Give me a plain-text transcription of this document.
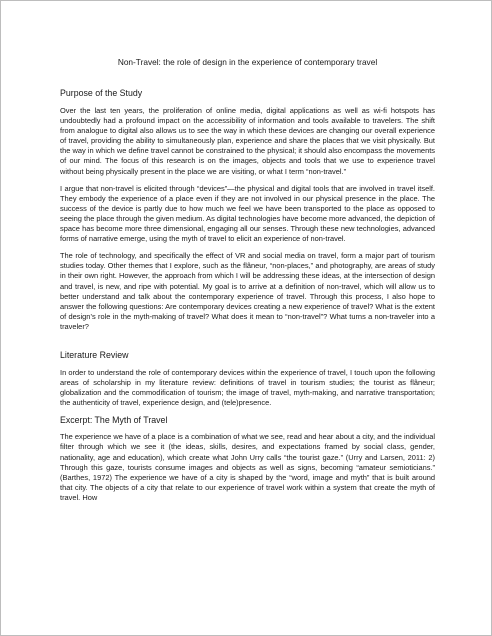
Non-Travel: the role of design in the experience of contemporary travel
Purpose of the Study
Over the last ten years, the proliferation of online media, digital applications as well as wi-fi hotspots has undoubtedly had a profound impact on the accessibility of information and tools available to travelers. The shift from analogue to digital also allows us to see the way in which these devices are changing our overall experience of travel, providing the ability to simultaneously plan, experience and share the places that we visit physically. But the way in which we define travel cannot be constrained to the physical; it should also encompass the movements of our mind. The focus of this research is on the images, objects and tools that we use to experience travel without being physically present in the place we are visiting, or what I term “non-travel.”
I argue that non-travel is elicited through “devices”—the physical and digital tools that are involved in travel itself. They embody the experience of a place even if they are not involved in our physical presence in the place. The success of the device is partly due to how much we feel we have been transported to the place as opposed to seeing the place through the given medium. As digital technologies have become more advanced, the depiction of space has become more three dimensional, engaging all our senses. Through these new technologies, advanced forms of narrative emerge, using the myth of travel to elicit an experience of non-travel.
The role of technology, and specifically the effect of VR and social media on travel, form a major part of tourism studies today. Other themes that I explore, such as the flâneur, “non-places,” and photography, are areas of study in their own right. However, the approach from which I will be addressing these ideas, at the intersection of design and travel, is new, and ripe with potential. My goal is to arrive at a definition of non-travel, which will allow us to better understand and talk about the contemporary experience of travel. Through this process, I also hope to answer the following questions: Are contemporary devices creating a new experience of travel? What is the extent of design’s role in the myth-making of travel? What does it mean to “non-travel”? What turns a non-traveler into a traveler?
Literature Review
In order to understand the role of contemporary devices within the experience of travel, I touch upon the following areas of scholarship in my literature review: definitions of travel in tourism studies; the tourist as flâneur; globalization and the commodification of tourism; the image of travel, myth-making, and narrative transportation; the authenticity of travel, experience design, and (tele)presence.
Excerpt: The Myth of Travel
The experience we have of a place is a combination of what we see, read and hear about a city, and the individual filter through which we see it (the ideas, skills, desires, and expectations framed by social class, gender, nationality, age and education), which create what John Urry calls “the tourist gaze.” (Urry and Larsen, 2011: 2) Through this gaze, tourists consume images and objects as well as signs, becoming “amateur semioticians.” (Barthes, 1972) The experience we have of a city is shaped by the “word, image and myth” that is built around that city. The objects of a city that relate to our experience of travel work within a system that create the myth of travel. How
